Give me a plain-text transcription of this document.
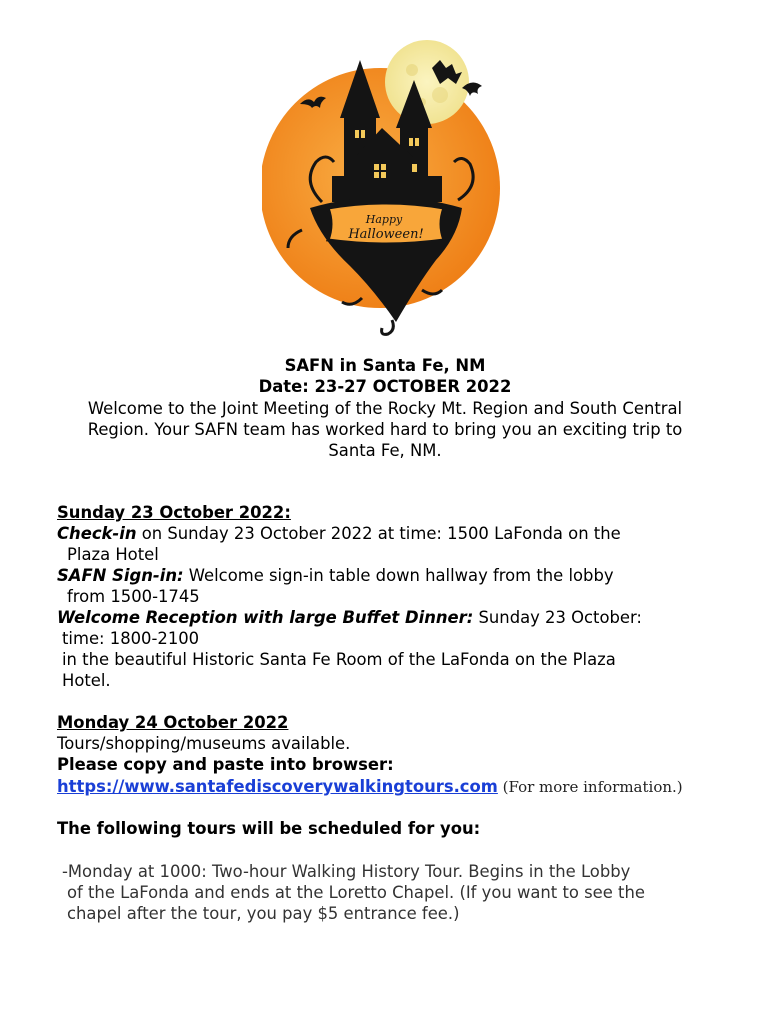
Happy
Halloween!
SAFN in Santa Fe, NM
Date: 23-27 OCTOBER 2022
Welcome to the Joint Meeting of the Rocky Mt. Region and South Central
Region. Your SAFN team has worked hard to bring you an exciting trip to
Santa Fe, NM.
Sunday 23 October 2022:
Check-in on Sunday 23 October 2022 at time: 1500 LaFonda on the
Plaza Hotel
SAFN Sign-in: Welcome sign-in table down hallway from the lobby
from 1500-1745
Welcome Reception with large Buffet Dinner: Sunday 23 October:
time: 1800-2100
in the beautiful Historic Santa Fe Room of the LaFonda on the Plaza
Hotel.
Monday 24 October 2022
Tours/shopping/museums available.
Please copy and paste into browser:
https://www.santafediscoverywalkingtours.com (For more information.)
The following tours will be scheduled for you:
-Monday at 1000: Two-hour Walking History Tour. Begins in the Lobby
of the LaFonda and ends at the Loretto Chapel. (If you want to see the
chapel after the tour, you pay $5 entrance fee.)
